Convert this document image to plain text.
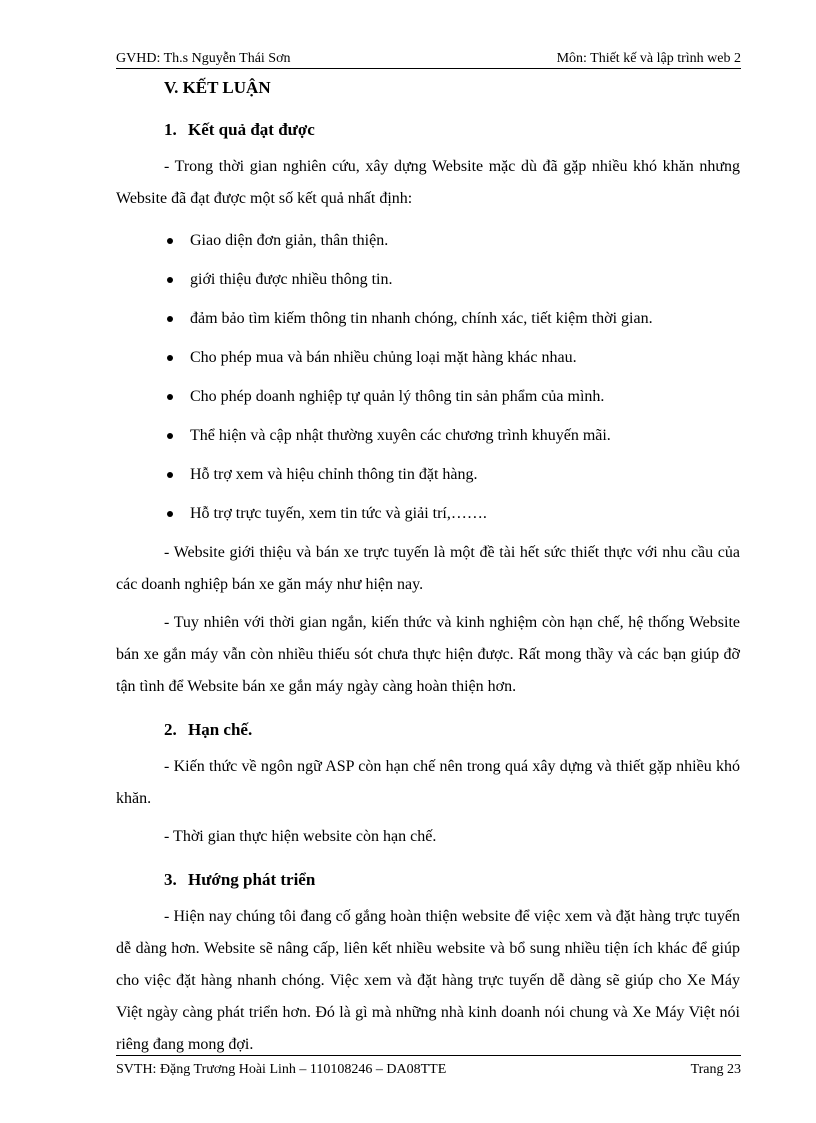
GVHD: Th.s Nguyễn Thái Sơn	Môn: Thiết kế và lập trình web 2
V. KẾT LUẬN
1. Kết quả đạt được

- Trong thời gian nghiên cứu, xây dựng Website mặc dù đã gặp nhiều khó khăn nhưng Website đã đạt được một số kết quả nhất định:

Giao diện đơn giản, thân thiện.
giới thiệu được nhiều thông tin.
đảm bảo tìm kiếm thông tin nhanh chóng, chính xác, tiết kiệm thời gian.
Cho phép mua và bán nhiều chủng loại mặt hàng khác nhau.
Cho phép doanh nghiệp tự quản lý thông tin sản phẩm của mình.
Thể hiện và cập nhật thường xuyên các chương trình khuyến mãi.
Hỗ trợ xem và hiệu chỉnh thông tin đặt hàng.
Hỗ trợ trực tuyến, xem tin tức và giải trí,…….

- Website giới thiệu và bán xe trực tuyến là một đề tài hết sức thiết thực với nhu cầu của các doanh nghiệp bán xe găn máy như hiện nay.

- Tuy nhiên với thời gian ngắn, kiến thức và kinh nghiệm còn hạn chế, hệ thống Website bán xe gắn máy vẫn còn nhiều thiếu sót chưa thực hiện được. Rất mong thầy và các bạn giúp đỡ tận tình để Website bán xe gắn máy ngày càng hoàn thiện hơn.

2. Hạn chế.

- Kiến thức về ngôn ngữ ASP còn hạn chế nên trong quá xây dựng và thiết gặp nhiều khó khăn.

- Thời gian thực hiện website còn hạn chế.

3. Hướng phát triển

- Hiện nay chúng tôi đang cố gắng hoàn thiện website để việc xem và đặt hàng trực tuyến dễ dàng hơn. Website sẽ nâng cấp, liên kết nhiều website và bổ sung nhiều tiện ích khác để giúp cho việc đặt hàng nhanh chóng. Việc xem và đặt hàng trực tuyến dễ dàng sẽ giúp cho Xe Máy Việt ngày càng phát triển hơn. Đó là gì mà những nhà kinh doanh nói chung và Xe Máy Việt nói riêng đang mong đợi.

SVTH: Đặng Trương Hoài Linh – 110108246 – DA08TTE	Trang 23
